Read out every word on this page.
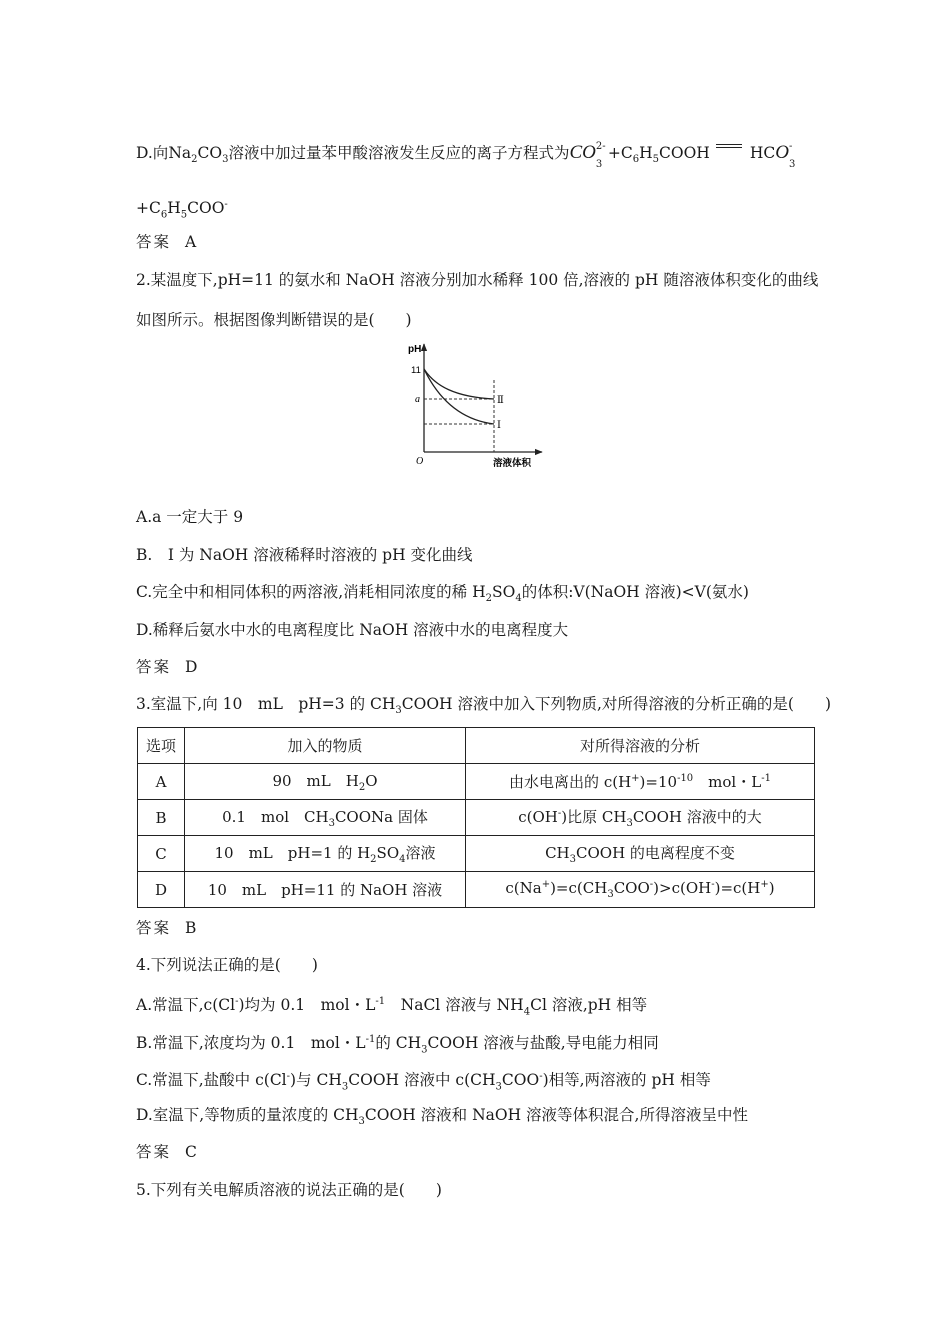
D.向$Na_2CO_3$溶液中加过量苯甲酸溶液发生反应的离子方程式为CO 2-
3
$+C_6H_5COOH$	HCO -
3
$+C_6H_5COO^-$
答案 A
2.某温度下,pH=11 的氨水和 NaOH 溶液分别加水稀释 100 倍,溶液的 pH 随溶液体积变化的曲线
如图所示。根据图像判断错误的是(　　)
pH
11
a
O	溶液体积
Ⅱ
Ⅰ
A.a 一定大于 9
B.　Ⅰ 为 NaOH 溶液稀释时溶液的 pH 变化曲线
C.完全中和相同体积的两溶液,消耗相同浓度的稀 $H_2SO_4$的体积:V(NaOH 溶液)<V(氨水)
D.稀释后氨水中水的电离程度比 NaOH 溶液中水的电离程度大
答案 D
3.室温下,向 10　mL　pH=3 的 $CH_3COOH$ 溶液中加入下列物质,对所得溶液的分析正确的是(　　)
选项	加入的物质	对所得溶液的分析
A	90　mL　$H_2O$	由水电离出的 $c(H^+)=10^{-10}$　mol・$L^{-1}$
B	0.1　mol　$CH_3COONa$ 固体	c(OH-)比原 $CH_3COOH$ 溶液中的大
C	10　mL　pH=1 的 $H_2SO_4$溶液	$CH_3COOH$ 的电离程度不变
D	10　mL　pH=11 的 NaOH 溶液	$c(Na^+)=c(CH_3COO^-)>c(OH^-)=c(H^+)$
答案 B
4.下列说法正确的是(　　)
A.常温下,c(Cl-)均为 0.1　mol・$L^{-1}$　NaCl 溶液与 $NH_4Cl$ 溶液,pH 相等
B.常温下,浓度均为 0.1　mol・$L^{-1}$的 $CH_3COOH$ 溶液与盐酸,导电能力相同
C.常温下,盐酸中 c(Cl-)与 $CH_3COOH$ 溶液中 $c(CH_3COO^-)$相等,两溶液的 pH 相等
D.室温下,等物质的量浓度的 $CH_3COOH$ 溶液和 NaOH 溶液等体积混合,所得溶液呈中性
答案 C
5.下列有关电解质溶液的说法正确的是(　　)
